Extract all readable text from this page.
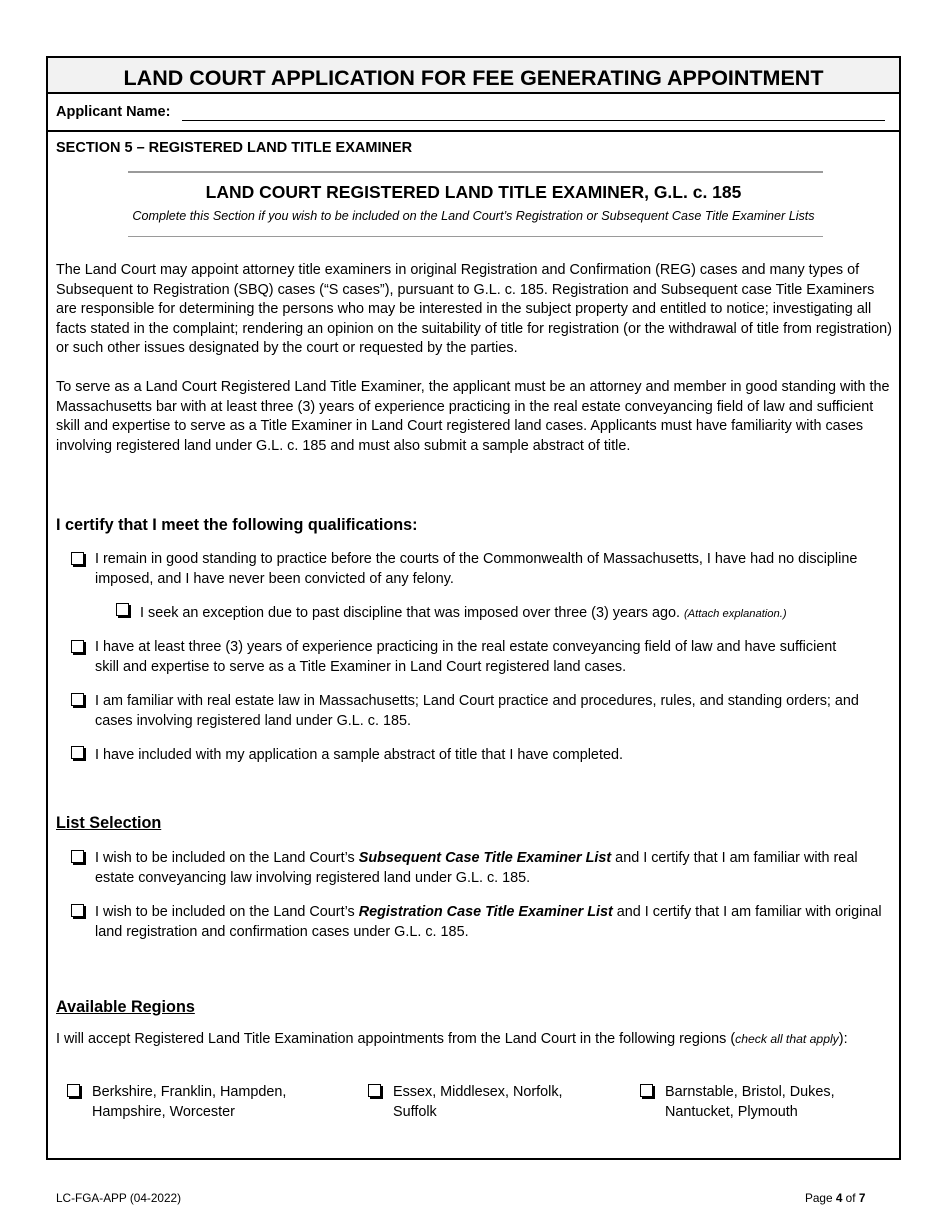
LAND COURT APPLICATION FOR FEE GENERATING APPOINTMENT
Applicant Name:
SECTION 5 – REGISTERED LAND TITLE EXAMINER
LAND COURT REGISTERED LAND TITLE EXAMINER, G.L. c. 185
Complete this Section if you wish to be included on the Land Court’s Registration or Subsequent Case Title Examiner Lists

The Land Court may appoint attorney title examiners in original Registration and Confirmation (REG) cases and many types of Subsequent to Registration (SBQ) cases (“S cases”), pursuant to G.L. c. 185. Registration and Subsequent case Title Examiners are responsible for determining the persons who may be interested in the subject property and entitled to notice; investigating all facts stated in the complaint; rendering an opinion on the suitability of title for registration (or the withdrawal of title from registration) or such other issues designated by the court or requested by the parties.

To serve as a Land Court Registered Land Title Examiner, the applicant must be an attorney and member in good standing with the Massachusetts bar with at least three (3) years of experience practicing in the real estate conveyancing field of law and sufficient skill and expertise to serve as a Title Examiner in Land Court registered land cases. Applicants must have familiarity with cases involving registered land under G.L. c. 185 and must also submit a sample abstract of title.

I certify that I meet the following qualifications:
I remain in good standing to practice before the courts of the Commonwealth of Massachusetts, I have had no discipline imposed, and I have never been convicted of any felony.
I seek an exception due to past discipline that was imposed over three (3) years ago. (Attach explanation.)
I have at least three (3) years of experience practicing in the real estate conveyancing field of law and have sufficient skill and expertise to serve as a Title Examiner in Land Court registered land cases.
I am familiar with real estate law in Massachusetts; Land Court practice and procedures, rules, and standing orders; and cases involving registered land under G.L. c. 185.
I have included with my application a sample abstract of title that I have completed.
List Selection
I wish to be included on the Land Court’s Subsequent Case Title Examiner List and I certify that I am familiar with real estate conveyancing law involving registered land under G.L. c. 185.
I wish to be included on the Land Court’s Registration Case Title Examiner List and I certify that I am familiar with original land registration and confirmation cases under G.L. c. 185.
Available Regions
I will accept Registered Land Title Examination appointments from the Land Court in the following regions (check all that apply):
Berkshire, Franklin, Hampden,
Hampshire, Worcester
Essex, Middlesex, Norfolk,
Suffolk
Barnstable, Bristol, Dukes,
Nantucket, Plymouth
LC-FGA-APP (04-2022)	Page 4 of 7
